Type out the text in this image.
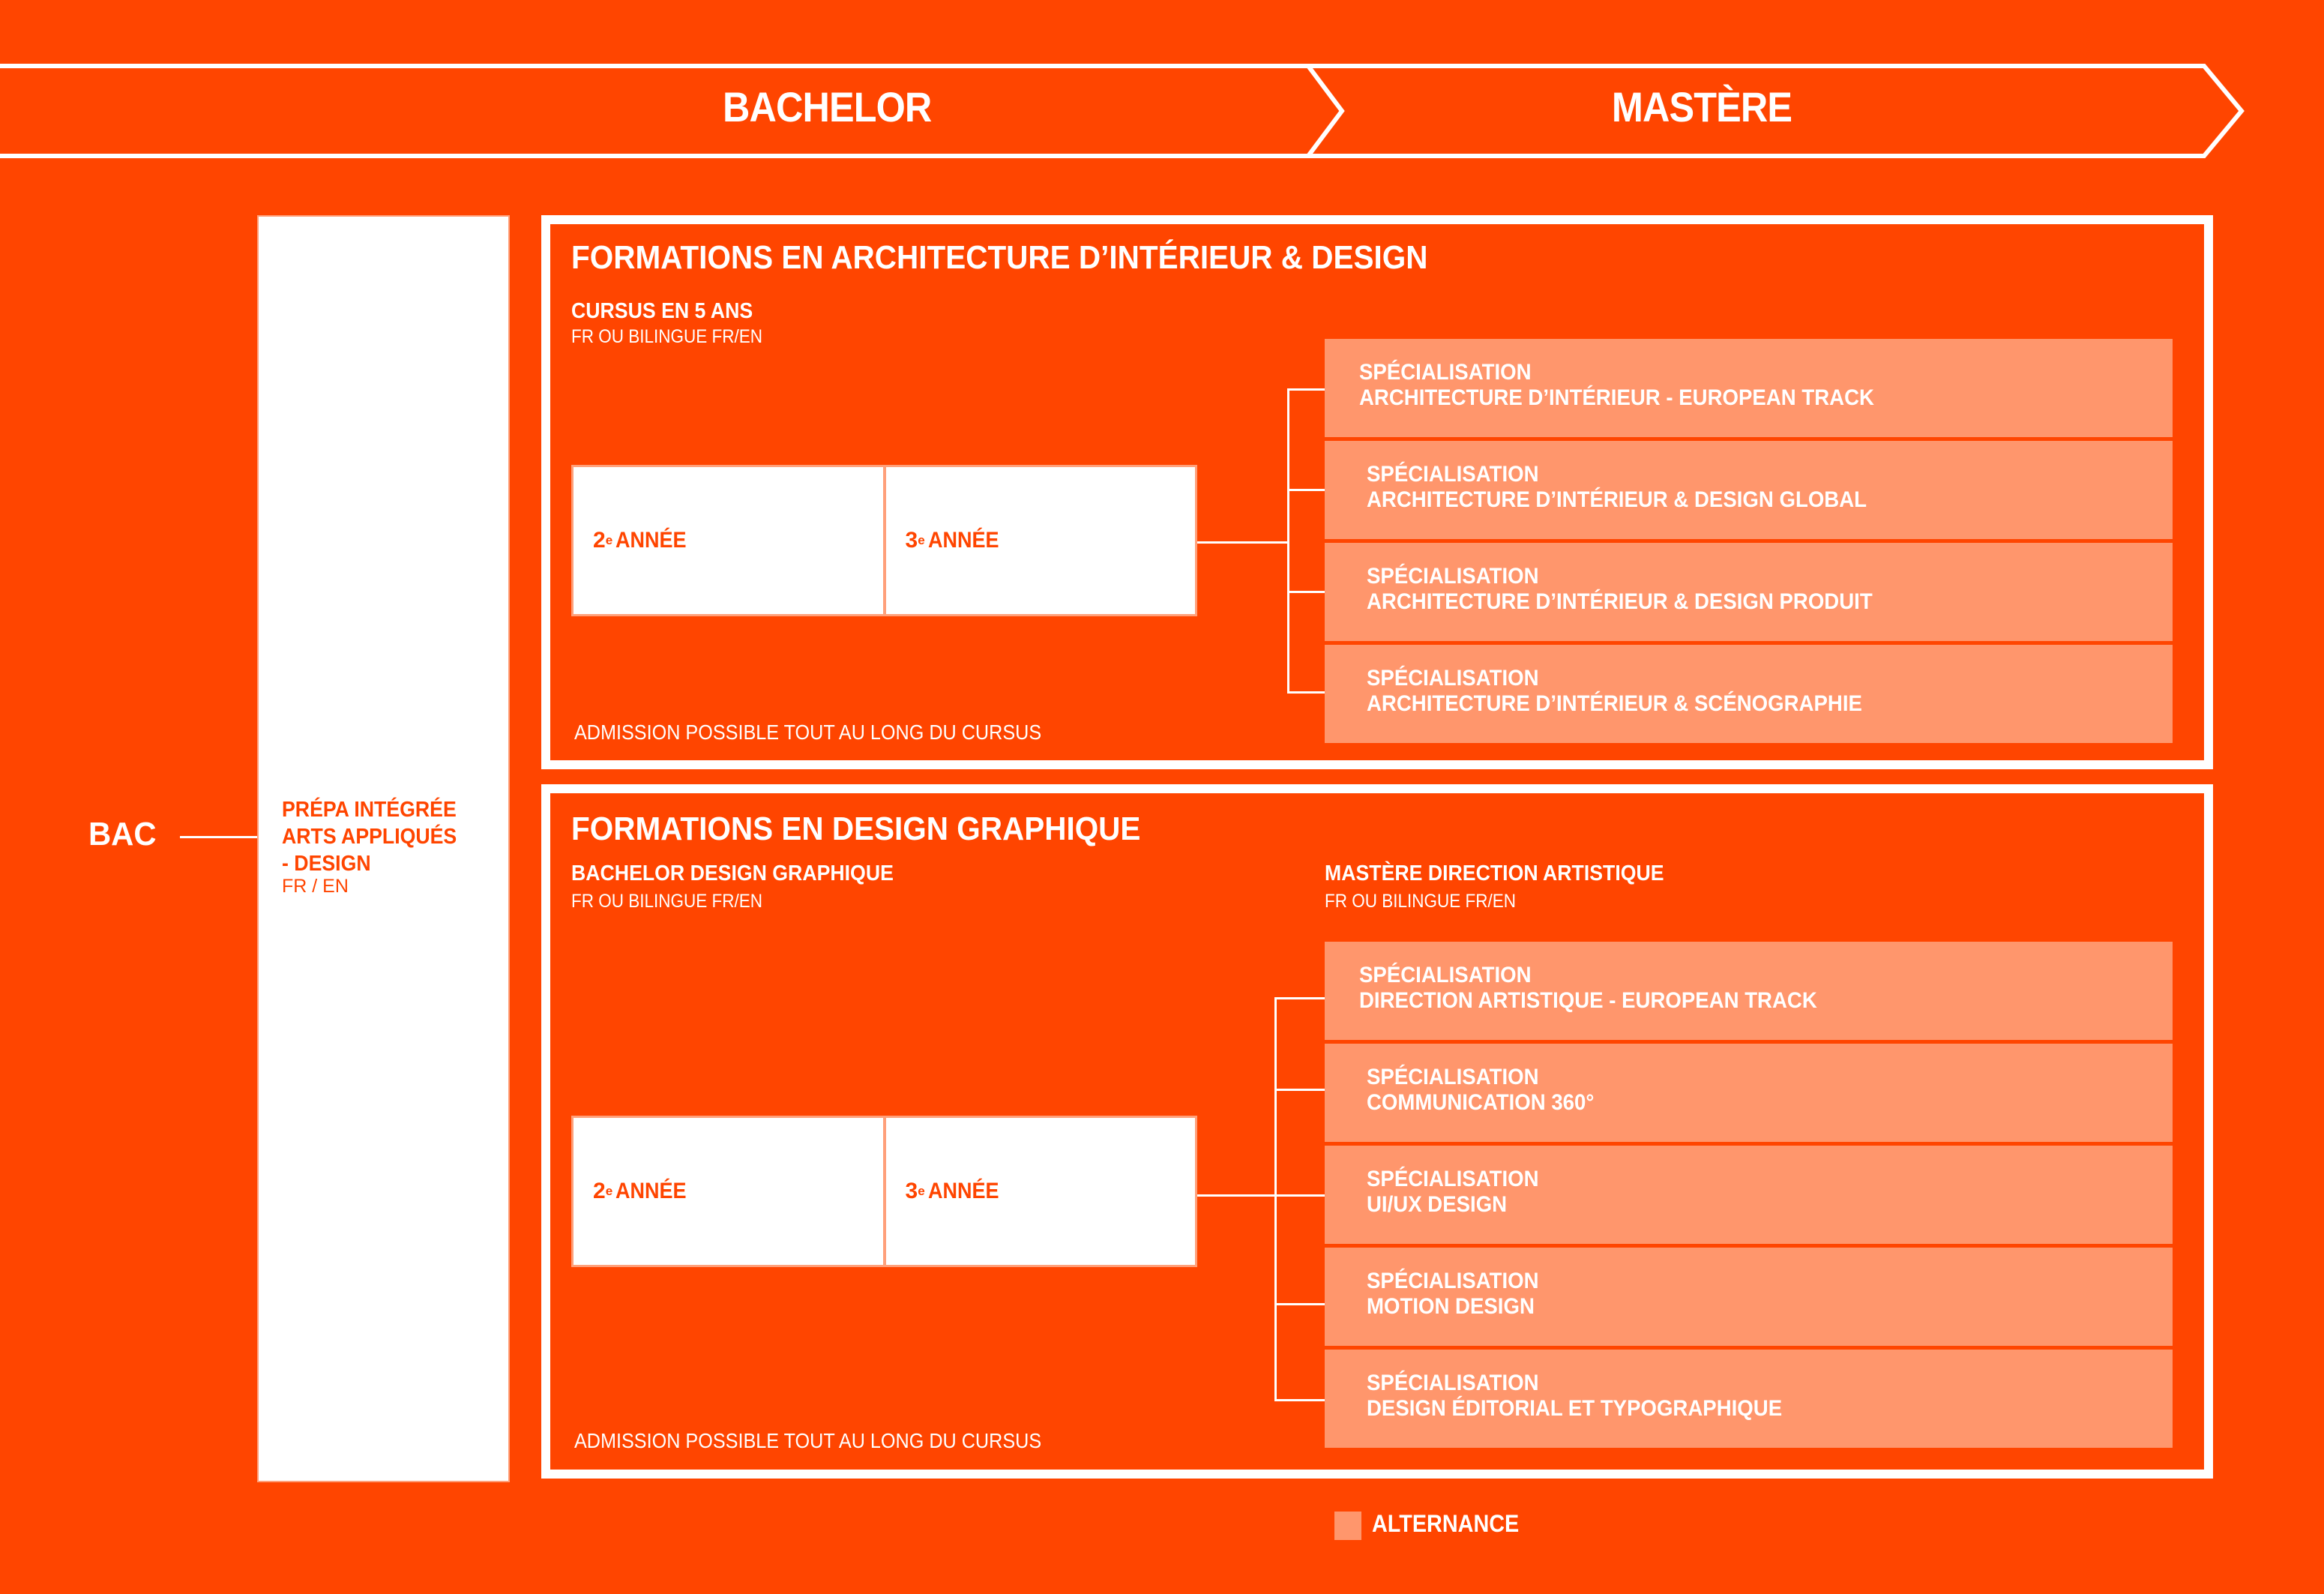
BACHELOR	MASTÈRE
BAC
PRÉPA INTÉGRÉE
ARTS APPLIQUÉS
- DESIGN
FR / EN
FORMATIONS EN ARCHITECTURE D’INTÉRIEUR & DESIGN
CURSUS EN 5 ANS
FR OU BILINGUE FR/EN
2 e ANNÉE	3 e ANNÉE
SPÉCIALISATION
ARCHITECTURE D’INTÉRIEUR - EUROPEAN TRACK
SPÉCIALISATION
ARCHITECTURE D’INTÉRIEUR & DESIGN GLOBAL
SPÉCIALISATION
ARCHITECTURE D’INTÉRIEUR & DESIGN PRODUIT
SPÉCIALISATION
ARCHITECTURE D’INTÉRIEUR & SCÉNOGRAPHIE
ADMISSION POSSIBLE TOUT AU LONG DU CURSUS
FORMATIONS EN DESIGN GRAPHIQUE
BACHELOR DESIGN GRAPHIQUE
FR OU BILINGUE FR/EN
MASTÈRE DIRECTION ARTISTIQUE
FR OU BILINGUE FR/EN
2 e ANNÉE	3 e ANNÉE
SPÉCIALISATION
DIRECTION ARTISTIQUE - EUROPEAN TRACK
SPÉCIALISATION
COMMUNICATION 360°
SPÉCIALISATION
UI/UX DESIGN
SPÉCIALISATION
MOTION DESIGN
SPÉCIALISATION
DESIGN ÉDITORIAL ET TYPOGRAPHIQUE
ADMISSION POSSIBLE TOUT AU LONG DU CURSUS
ALTERNANCE
